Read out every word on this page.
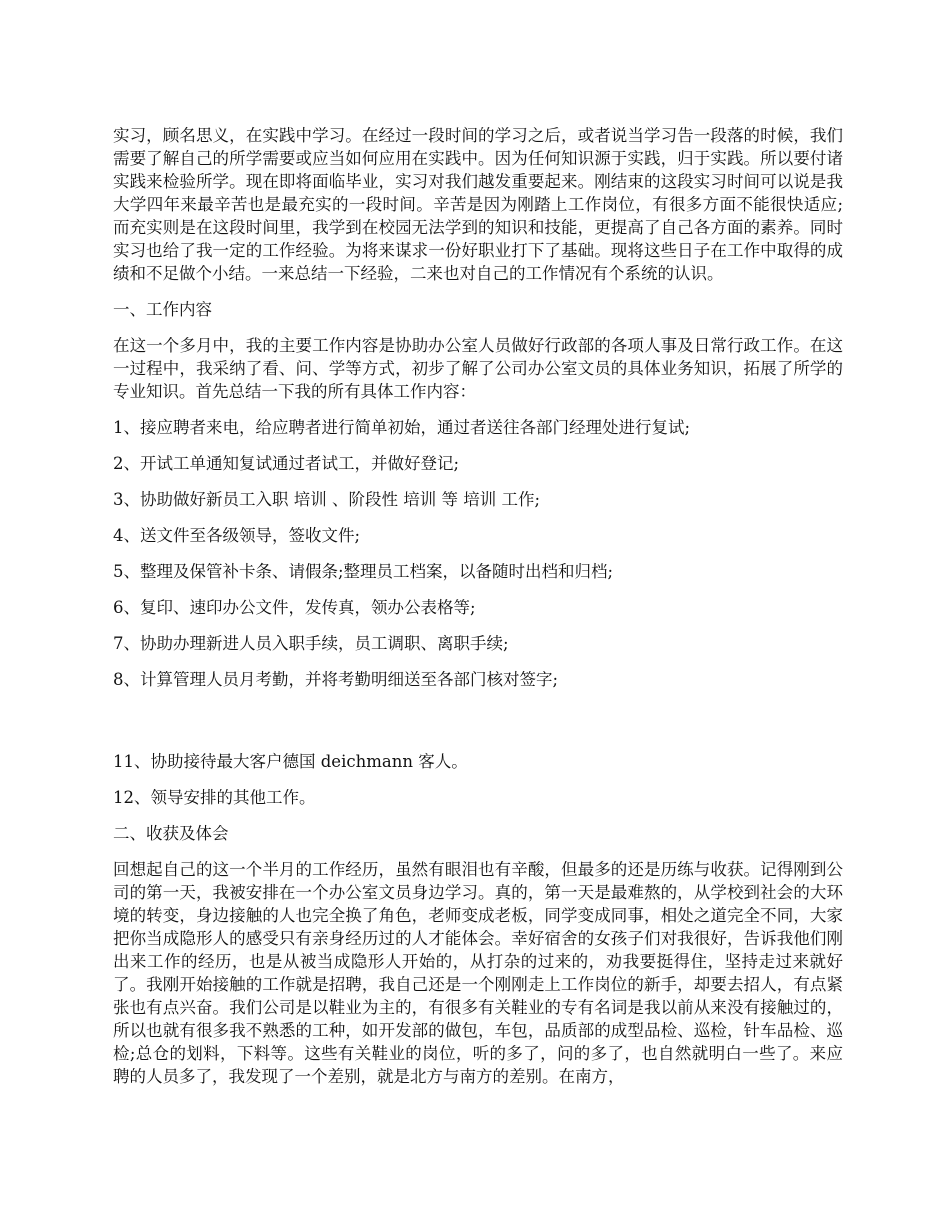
实习，顾名思义，在实践中学习。在经过一段时间的学习之后，或者说当学习告一段落的时候，我们需要了解自己的所学需要或应当如何应用在实践中。因为任何知识源于实践，归于实践。所以要付诸实践来检验所学。现在即将面临毕业，实习对我们越发重要起来。刚结束的这段实习时间可以说是我大学四年来最辛苦也是最充实的一段时间。辛苦是因为刚踏上工作岗位，有很多方面不能很快适应;而充实则是在这段时间里，我学到在校园无法学到的知识和技能，更提高了自己各方面的素养。同时实习也给了我一定的工作经验。为将来谋求一份好职业打下了基础。现将这些日子在工作中取得的成绩和不足做个小结。一来总结一下经验，二来也对自己的工作情况有个系统的认识。

一、工作内容

在这一个多月中，我的主要工作内容是协助办公室人员做好行政部的各项人事及日常行政工作。在这一过程中，我采纳了看、问、学等方式，初步了解了公司办公室文员的具体业务知识，拓展了所学的专业知识。首先总结一下我的所有具体工作内容：

1、接应聘者来电，给应聘者进行简单初始，通过者送往各部门经理处进行复试;

2、开试工单通知复试通过者试工，并做好登记;

3、协助做好新员工入职 培训 、阶段性 培训 等 培训 工作;

4、送文件至各级领导，签收文件;

5、整理及保管补卡条、请假条;整理员工档案，以备随时出档和归档;

6、复印、速印办公文件，发传真，领办公表格等;

7、协助办理新进人员入职手续，员工调职、离职手续;

8、计算管理人员月考勤，并将考勤明细送至各部门核对签字;

11、协助接待最大客户德国 deichmann 客人。

12、领导安排的其他工作。

二、收获及体会

回想起自己的这一个半月的工作经历，虽然有眼泪也有辛酸，但最多的还是历练与收获。记得刚到公司的第一天，我被安排在一个办公室文员身边学习。真的，第一天是最难熬的，从学校到社会的大环境的转变，身边接触的人也完全换了角色，老师变成老板，同学变成同事，相处之道完全不同，大家把你当成隐形人的感受只有亲身经历过的人才能体会。幸好宿舍的女孩子们对我很好，告诉我他们刚出来工作的经历，也是从被当成隐形人开始的，从打杂的过来的，劝我要挺得住，坚持走过来就好了。我刚开始接触的工作就是招聘，我自己还是一个刚刚走上工作岗位的新手，却要去招人，有点紧张也有点兴奋。我们公司是以鞋业为主的，有很多有关鞋业的专有名词是我以前从来没有接触过的，所以也就有很多我不熟悉的工种，如开发部的做包，车包，品质部的成型品检、巡检，针车品检、巡检;总仓的划料，下料等。这些有关鞋业的岗位，听的多了，问的多了，也自然就明白一些了。来应聘的人员多了，我发现了一个差别，就是北方与南方的差别。在南方，
